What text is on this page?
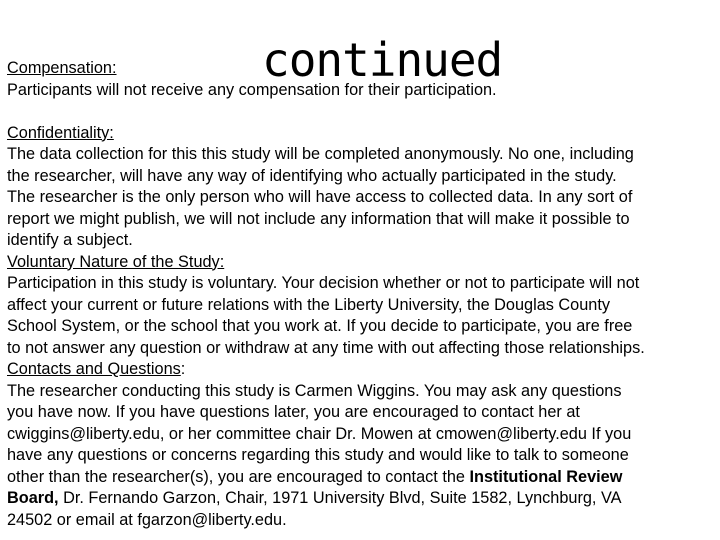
continued
Compensation:
Participants will not receive any compensation for their participation.
Confidentiality:
The data collection for this this study will be completed anonymously. No one, including
the researcher, will have any way of identifying who actually participated in the study.
The researcher is the only person who will have access to collected data. In any sort of
report we might publish, we will not include any information that will make it possible to
identify a subject.
Voluntary Nature of the Study:
Participation in this study is voluntary. Your decision whether or not to participate will not
affect your current or future relations with the Liberty University, the Douglas County
School System, or the school that you work at. If you decide to participate, you are free
to not answer any question or withdraw at any time with out affecting those relationships.
Contacts and Questions:
The researcher conducting this study is Carmen Wiggins. You may ask any questions
you have now. If you have questions later, you are encouraged to contact her at
cwiggins@liberty.edu, or her committee chair Dr. Mowen at cmowen@liberty.edu If you
have any questions or concerns regarding this study and would like to talk to someone
other than the researcher(s), you are encouraged to contact the Institutional Review
Board, Dr. Fernando Garzon, Chair, 1971 University Blvd, Suite 1582, Lynchburg, VA
24502 or email at fgarzon@liberty.edu.
